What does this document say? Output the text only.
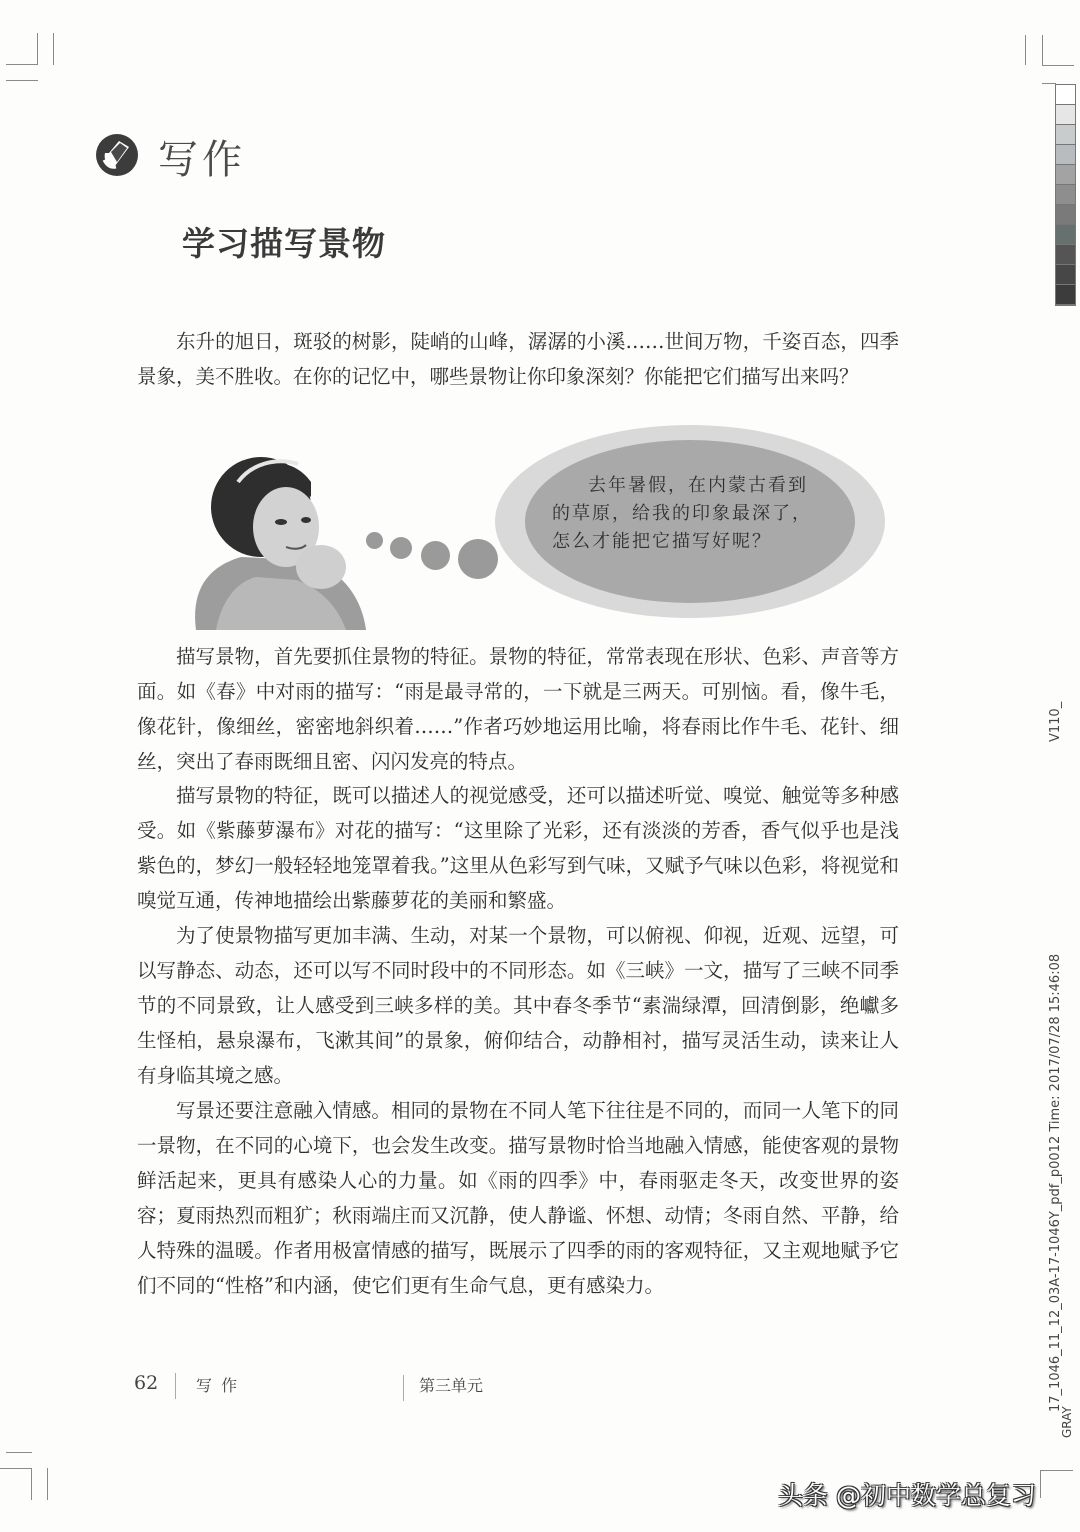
写作
学习描写景物

东升的旭日，斑驳的树影，陡峭的山峰，潺潺的小溪……世间万物，千姿百态，四季景象，美不胜收。在你的记忆中，哪些景物让你印象深刻？你能把它们描写出来吗？

去年暑假，在内蒙古看到的草原，给我的印象最深了，怎么才能把它描写好呢？

描写景物，首先要抓住景物的特征。景物的特征，常常表现在形状、色彩、声音等方面。如《春》中对雨的描写：“雨是最寻常的，一下就是三两天。可别恼。看，像牛毛，像花针，像细丝，密密地斜织着……”作者巧妙地运用比喻，将春雨比作牛毛、花针、细丝，突出了春雨既细且密、闪闪发亮的特点。

描写景物的特征，既可以描述人的视觉感受，还可以描述听觉、嗅觉、触觉等多种感受。如《紫藤萝瀑布》对花的描写：“这里除了光彩，还有淡淡的芳香，香气似乎也是浅紫色的，梦幻一般轻轻地笼罩着我。”这里从色彩写到气味，又赋予气味以色彩，将视觉和嗅觉互通，传神地描绘出紫藤萝花的美丽和繁盛。

为了使景物描写更加丰满、生动，对某一个景物，可以俯视、仰视，近观、远望，可以写静态、动态，还可以写不同时段中的不同形态。如《三峡》一文，描写了三峡不同季节的不同景致，让人感受到三峡多样的美。其中春冬季节“素湍绿潭，回清倒影，绝巘多生怪柏，悬泉瀑布，飞漱其间”的景象，俯仰结合，动静相衬，描写灵活生动，读来让人有身临其境之感。

写景还要注意融入情感。相同的景物在不同人笔下往往是不同的，而同一人笔下的同一景物，在不同的心境下，也会发生改变。描写景物时恰当地融入情感，能使客观的景物鲜活起来，更具有感染人心的力量。如《雨的四季》中，春雨驱走冬天，改变世界的姿容；夏雨热烈而粗犷；秋雨端庄而又沉静，使人静谧、怀想、动情；冬雨自然、平静，给人特殊的温暖。作者用极富情感的描写，既展示了四季的雨的客观特征，又主观地赋予它们不同的“性格”和内涵，使它们更有生命气息，更有感染力。

62 写 作	第三单元
V110_
17_1046_11_12_03A-17-1046Y_pdf_p0012 Time: 2017/07/28 15:46:08
GRAY
头条 @初中数学总复习
